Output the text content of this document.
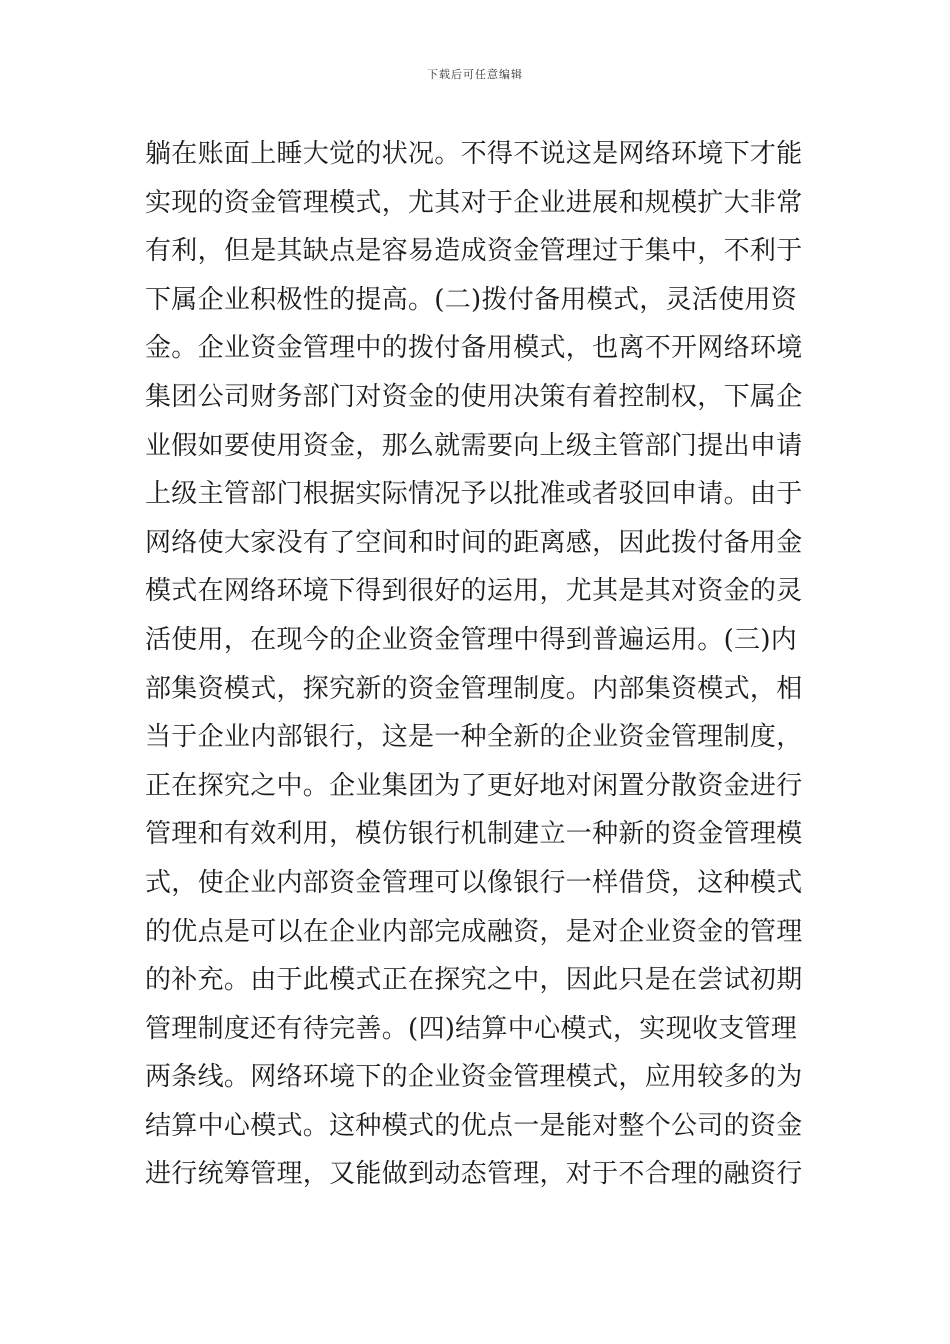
下载后可任意编辑
躺在账面上睡大觉的状况。不得不说这是网络环境下才能
实现的资金管理模式，尤其对于企业进展和规模扩大非常
有利，但是其缺点是容易造成资金管理过于集中，不利于
下属企业积极性的提高。(二)拨付备用模式，灵活使用资
金。企业资金管理中的拨付备用模式，也离不开网络环境
集团公司财务部门对资金的使用决策有着控制权，下属企
业假如要使用资金，那么就需要向上级主管部门提出申请
上级主管部门根据实际情况予以批准或者驳回申请。由于
网络使大家没有了空间和时间的距离感，因此拨付备用金
模式在网络环境下得到很好的运用，尤其是其对资金的灵
活使用，在现今的企业资金管理中得到普遍运用。(三)内
部集资模式，探究新的资金管理制度。内部集资模式，相
当于企业内部银行，这是一种全新的企业资金管理制度，
正在探究之中。企业集团为了更好地对闲置分散资金进行
管理和有效利用，模仿银行机制建立一种新的资金管理模
式，使企业内部资金管理可以像银行一样借贷，这种模式
的优点是可以在企业内部完成融资，是对企业资金的管理
的补充。由于此模式正在探究之中，因此只是在尝试初期
管理制度还有待完善。(四)结算中心模式，实现收支管理
两条线。网络环境下的企业资金管理模式，应用较多的为
结算中心模式。这种模式的优点一是能对整个公司的资金
进行统筹管理，又能做到动态管理，对于不合理的融资行
